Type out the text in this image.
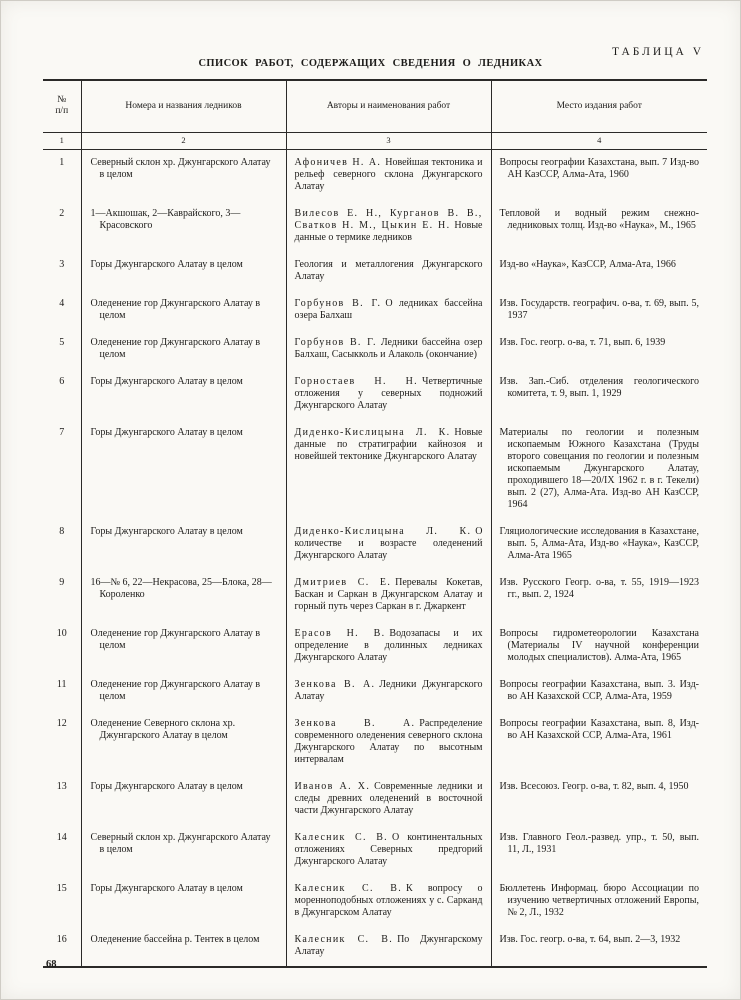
ТАБЛИЦА V
СПИСОК РАБОТ, СОДЕРЖАЩИХ СВЕДЕНИЯ О ЛЕДНИКАХ
№
п/п	Номера и названия ледников	Авторы и наименования работ	Место издания работ
1	2	3	4
1	Северный склон хр. Джунгарского Алатау в целом	Афоничев Н. А. Новейшая тектоника и рельеф северного склона Джунгарского Алатау	Вопросы географии Казахстана, вып. 7 Изд-во АН КазССР, Алма-Ата, 1960
2	1—Акшошак, 2—Каврайского, 3—Красовского	Вилесов Е. Н., Курганов В. В., Сватков Н. М., Цыкин Е. Н. Новые данные о термике ледников	Тепловой и водный режим снежно-ледниковых толщ. Изд-во «Наука», М., 1965
3	Горы Джунгарского Алатау в целом	Геология и металлогения Джунгарского Алатау	Изд-во «Наука», КазССР, Алма-Ата, 1966
4	Оледенение гор Джунгарского Алатау в целом	Горбунов В. Г. О ледниках бассейна озера Балхаш	Изв. Государств. географич. о-ва, т. 69, вып. 5, 1937
5	Оледенение гор Джунгарского Алатау в целом	Горбунов В. Г. Ледники бассейна озер Балхаш, Сасыкколь и Алаколь (окончание)	Изв. Гос. геогр. о-ва, т. 71, вып. 6, 1939
6	Горы Джунгарского Алатау в целом	Горностаев Н. Н. Четвертичные отложения у северных подножий Джунгарского Алатау	Изв. Зап.-Сиб. отделения геологического комитета, т. 9, вып. 1, 1929
7	Горы Джунгарского Алатау в целом	Диденко-Кислицына Л. К. Новые данные по стратиграфии кайнозоя и новейшей тектонике Джунгарского Алатау	Материалы по геологии и полезным ископаемым Южного Казахстана (Труды второго совещания по геологии и полезным ископаемым Джунгарского Алатау, проходившего 18—20/IX 1962 г. в г. Текели) вып. 2 (27), Алма-Ата. Изд-во АН КазССР, 1964
8	Горы Джунгарского Алатау в целом	Диденко-Кислицына Л. К. О количестве и возрасте оледенений Джунгарского Алатау	Гляциологические исследования в Казахстане, вып. 5, Алма-Ата, Изд-во «Наука», КазССР, Алма-Ата 1965
9	16—№ 6, 22—Некрасова, 25—Блока, 28—Короленко	Дмитриев С. Е. Перевалы Кокетав, Баскан и Саркан в Джунгарском Алатау и горный путь через Саркан в г. Джаркент	Изв. Русского Геогр. о-ва, т. 55, 1919—1923 гг., вып. 2, 1924
10	Оледенение гор Джунгарского Алатау в целом	Ерасов Н. В. Водозапасы и их определение в долинных ледниках Джунгарского Алатау	Вопросы гидрометеорологии Казахстана (Материалы IV научной конференции молодых специалистов). Алма-Ата, 1965
11	Оледенение гор Джунгарского Алатау в целом	Зенкова В. А. Ледники Джунгарского Алатау	Вопросы географии Казахстана, вып. 3. Изд-во АН Казахской ССР, Алма-Ата, 1959
12	Оледенение Северного склона хр. Джунгарского Алатау в целом	Зенкова В. А. Распределение современного оледенения северного склона Джунгарского Алатау по высотным интервалам	Вопросы географии Казахстана, вып. 8, Изд-во АН Казахской ССР, Алма-Ата, 1961
13	Горы Джунгарского Алатау в целом	Иванов А. Х. Современные ледники и следы древних оледенений в восточной части Джунгарского Алатау	Изв. Всесоюз. Геогр. о-ва, т. 82, вып. 4, 1950
14	Северный склон хр. Джунгарского Алатау в целом	Калесник С. В. О континентальных отложениях Северных предгорий Джунгарского Алатау	Изв. Главного Геол.-развед. упр., т. 50, вып. 11, Л., 1931
15	Горы Джунгарского Алатау в целом	Калесник С. В. К вопросу о моренноподобных отложениях у с. Сарканд в Джунгарском Алатау	Бюллетень Информац. бюро Ассоциации по изучению четвертичных отложений Европы, № 2, Л., 1932
16	Оледенение бассейна р. Тентек в целом	Калесник С. В. По Джунгарскому Алатау	Изв. Гос. геогр. о-ва, т. 64, вып. 2—3, 1932
68
